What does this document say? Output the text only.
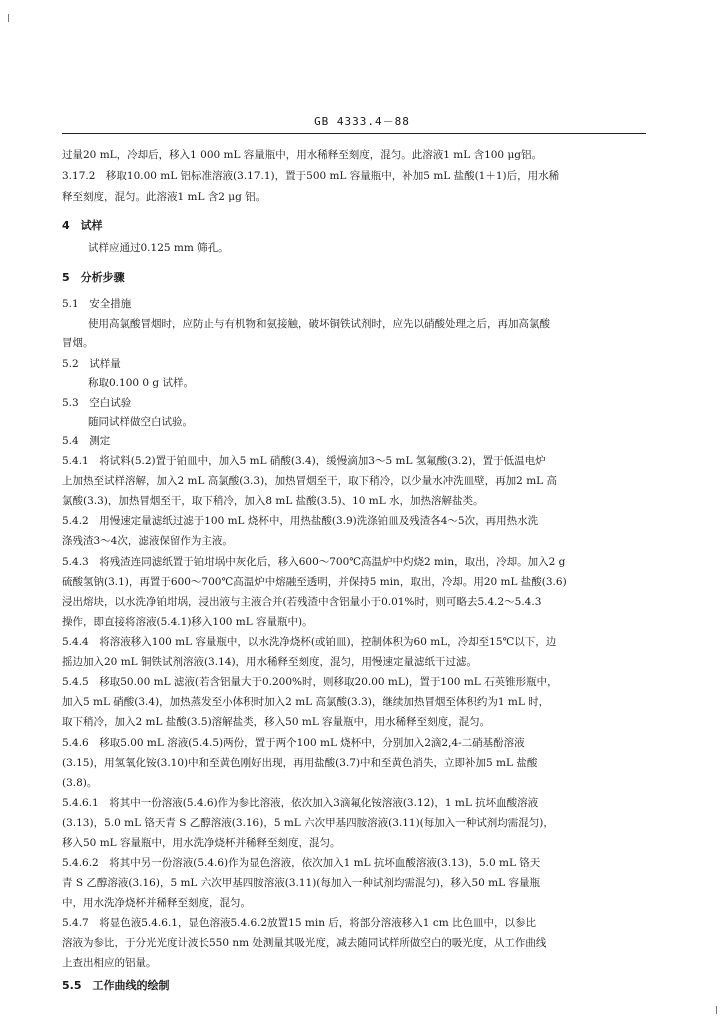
GB 4333.4－88
过量20 mL，冷却后，移入1 000 mL 容量瓶中，用水稀释至刻度，混匀。此溶液1 mL 含100 μg铝。
3.17.2　移取10.00 mL 铝标准溶液(3.17.1)，置于500 mL 容量瓶中，补加5 mL 盐酸(1＋1)后，用水稀
释至刻度，混匀。此溶液1 mL 含2 μg 铝。
4　试样
试样应通过0.125 mm 筛孔。
5　分析步骤
5.1　安全措施
使用高氯酸冒烟时，应防止与有机物和氨接触，破坏铜铁试剂时，应先以硝酸处理之后，再加高氯酸
冒烟。
5.2　试样量
称取0.100 0 g 试样。
5.3　空白试验
随同试样做空白试验。
5.4　测定
5.4.1　将试料(5.2)置于铂皿中，加入5 mL 硝酸(3.4)，缓慢滴加3～5 mL 氢氟酸(3.2)，置于低温电炉
上加热至试样溶解，加入2 mL 高氯酸(3.3)，加热冒烟至干，取下稍冷，以少量水冲洗皿壁，再加2 mL 高
氯酸(3.3)，加热冒烟至干，取下稍冷，加入8 mL 盐酸(3.5)、10 mL 水，加热溶解盐类。
5.4.2　用慢速定量滤纸过滤于100 mL 烧杯中，用热盐酸(3.9)洗涤铂皿及残渣各4～5次，再用热水洗
涤残渣3～4次，滤液保留作为主液。
5.4.3　将残渣连同滤纸置于铂坩埚中灰化后，移入600～700℃高温炉中灼烧2 min，取出，冷却。加入2 g
硫酸氢钠(3.1)，再置于600～700℃高温炉中熔融至透明，并保持5 min，取出，冷却。用20 mL 盐酸(3.6)
浸出熔块，以水洗净铂坩埚，浸出液与主液合并(若残渣中含铝量小于0.01%时，则可略去5.4.2～5.4.3
操作，即直接将溶液(5.4.1)移入100 mL 容量瓶中)。
5.4.4　将溶液移入100 mL 容量瓶中，以水洗净烧杯(或铂皿)，控制体积为60 mL，冷却至15℃以下，边
摇边加入20 mL 铜铁试剂溶液(3.14)，用水稀释至刻度，混匀，用慢速定量滤纸干过滤。
5.4.5　移取50.00 mL 滤液(若含铝量大于0.200%时，则移取20.00 mL)，置于100 mL 石英锥形瓶中，
加入5 mL 硝酸(3.4)，加热蒸发至小体积时加入2 mL 高氯酸(3.3)，继续加热冒烟至体积约为1 mL 时，
取下稍冷，加入2 mL 盐酸(3.5)溶解盐类，移入50 mL 容量瓶中，用水稀释至刻度，混匀。
5.4.6　移取5.00 mL 溶液(5.4.5)两份，置于两个100 mL 烧杯中，分别加入2滴2,4-二硝基酚溶液
(3.15)，用氢氧化铵(3.10)中和至黄色刚好出现，再用盐酸(3.7)中和至黄色消失，立即补加5 mL 盐酸
(3.8)。
5.4.6.1　将其中一份溶液(5.4.6)作为参比溶液，依次加入3滴氟化铵溶液(3.12)，1 mL 抗坏血酸溶液
(3.13)，5.0 mL 铬天青 S 乙醇溶液(3.16)，5 mL 六次甲基四胺溶液(3.11)(每加入一种试剂均需混匀)，
移入50 mL 容量瓶中，用水洗净烧杯并稀释至刻度，混匀。
5.4.6.2　将其中另一份溶液(5.4.6)作为显色溶液，依次加入1 mL 抗坏血酸溶液(3.13)，5.0 mL 铬天
青 S 乙醇溶液(3.16)，5 mL 六次甲基四胺溶液(3.11)(每加入一种试剂均需混匀)，移入50 mL 容量瓶
中，用水洗净烧杯并稀释至刻度，混匀。
5.4.7　将显色液5.4.6.1，显色溶液5.4.6.2放置15 min 后，将部分溶液移入1 cm 比色皿中，以参比
溶液为参比，于分光光度计波长550 nm 处测量其吸光度，减去随同试样所做空白的吸光度，从工作曲线
上查出相应的铝量。
5.5　工作曲线的绘制
